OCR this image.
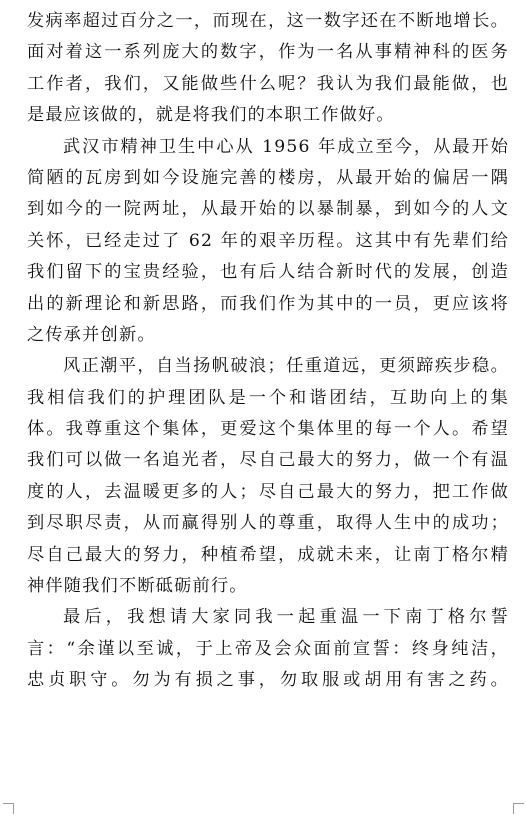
发病率超过百分之一，而现在，这一数字还在不断地增长。
面对着这一系列庞大的数字，作为一名从事精神科的医务
工作者，我们，又能做些什么呢？我认为我们最能做，也
是最应该做的，就是将我们的本职工作做好。
武汉市精神卫生中心从 1956 年成立至今，从最开始
简陋的瓦房到如今设施完善的楼房，从最开始的偏居一隅
到如今的一院两址，从最开始的以暴制暴，到如今的人文
关怀，已经走过了 62 年的艰辛历程。这其中有先辈们给
我们留下的宝贵经验，也有后人结合新时代的发展，创造
出的新理论和新思路，而我们作为其中的一员，更应该将
之传承并创新。
风正潮平，自当扬帆破浪；任重道远，更须蹄疾步稳。
我相信我们的护理团队是一个和谐团结，互助向上的集
体。我尊重这个集体，更爱这个集体里的每一个人。希望
我们可以做一名追光者，尽自己最大的努力，做一个有温
度的人，去温暖更多的人；尽自己最大的努力，把工作做
到尽职尽责，从而赢得别人的尊重，取得人生中的成功；
尽自己最大的努力，种植希望，成就未来，让南丁格尔精
神伴随我们不断砥砺前行。
最后，我想请大家同我一起重温一下南丁格尔誓
言：“余谨以至诚，于上帝及会众面前宣誓：终身纯洁，
忠贞职守。勿为有损之事，勿取服或胡用有害之药。
